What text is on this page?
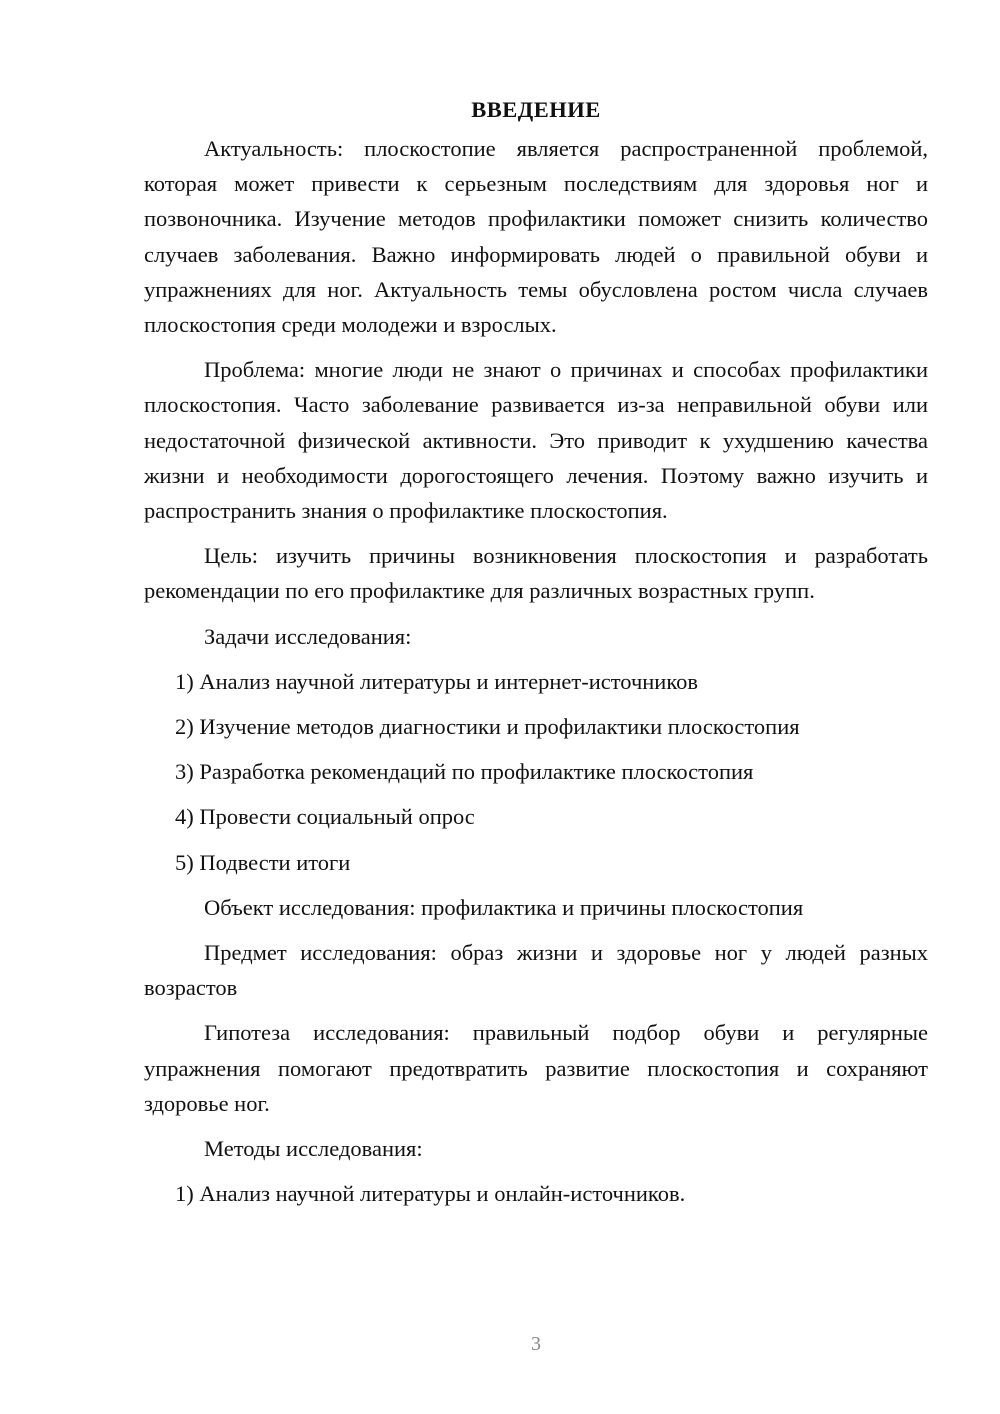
ВВЕДЕНИЕ

Актуальность: плоскостопие является распространенной проблемой, которая может привести к серьезным последствиям для здоровья ног и позвоночника. Изучение методов профилактики поможет снизить количество случаев заболевания. Важно информировать людей о правильной обуви и упражнениях для ног. Актуальность темы обусловлена ростом числа случаев плоскостопия среди молодежи и взрослых.

Проблема: многие люди не знают о причинах и способах профилактики плоскостопия. Часто заболевание развивается из-за неправильной обуви или недостаточной физической активности. Это приводит к ухудшению качества жизни и необходимости дорогостоящего лечения. Поэтому важно изучить и распространить знания о профилактике плоскостопия.

Цель: изучить причины возникновения плоскостопия и разработать рекомендации по его профилактике для различных возрастных групп.

Задачи исследования:
1) Анализ научной литературы и интернет-источников
2) Изучение методов диагностики и профилактики плоскостопия
3) Разработка рекомендаций по профилактике плоскостопия
4) Провести социальный опрос
5) Подвести итоги

Объект исследования: профилактика и причины плоскостопия

Предмет исследования: образ жизни и здоровье ног у людей разных возрастов

Гипотеза исследования: правильный подбор обуви и регулярные упражнения помогают предотвратить развитие плоскостопия и сохраняют здоровье ног.

Методы исследования:
1) Анализ научной литературы и онлайн-источников.
3
